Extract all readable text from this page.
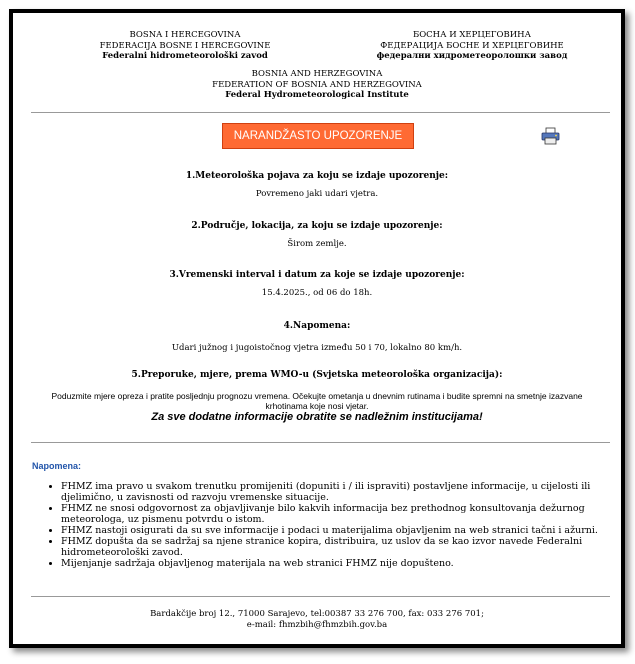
BOSNA I HERCEGOVINA
FEDERACIJA BOSNE I HERCEGOVINE
Federalni hidrometeorološki zavod
БОСНА И ХЕРЦЕГОВИНА
ФЕДЕРАЦИЈА БОСНЕ И ХЕРЦЕГОВИНЕ
федерални хидрометеоролошки завод
BOSNIA AND HERZEGOVINA
FEDERATION OF BOSNIA AND HERZEGOVINA
Federal Hydrometeorological Institute
NARANDŽASTO UPOZORENJE
1.Meteorološka pojava za koju se izdaje upozorenje:
Povremeno jaki udari vjetra.
2.Područje, lokacija, za koju se izdaje upozorenje:
Širom zemlje.
3.Vremenski interval i datum za koje se izdaje upozorenje:
15.4.2025., od 06 do 18h.
4.Napomena:
Udari južnog i jugoistočnog vjetra između 50 i 70, lokalno 80 km/h.
5.Preporuke, mjere, prema WMO-u (Svjetska meteorološka organizacija):
Poduzmite mjere opreza i pratite posljednju prognozu vremena. Očekujte ometanja u dnevnim rutinama i budite spremni na smetnje izazvane krhotinama koje nosi vjetar.
Za sve dodatne informacije obratite se nadležnim institucijama!
Napomena:
• FHMZ ima pravo u svakom trenutku promijeniti (dopuniti i / ili ispraviti) postavljene informacije, u cijelosti ili djelimično, u zavisnosti od razvoju vremenske situacije.
• FHMZ ne snosi odgovornost za objavljivanje bilo kakvih informacija bez prethodnog konsultovanja dežurnog meteorologa, uz pismenu potvrdu o istom.
• FHMZ nastoji osigurati da su sve informacije i podaci u materijalima objavljenim na web stranici tačni i ažurni.
• FHMZ dopušta da se sadržaj sa njene stranice kopira, distribuira, uz uslov da se kao izvor navede Federalni hidrometeorološki zavod.
• Mijenjanje sadržaja objavljenog materijala na web stranici FHMZ nije dopušteno.
Bardakčije broj 12., 71000 Sarajevo, tel:00387 33 276 700, fax: 033 276 701;
e-mail: fhmzbih@fhmzbih.gov.ba
